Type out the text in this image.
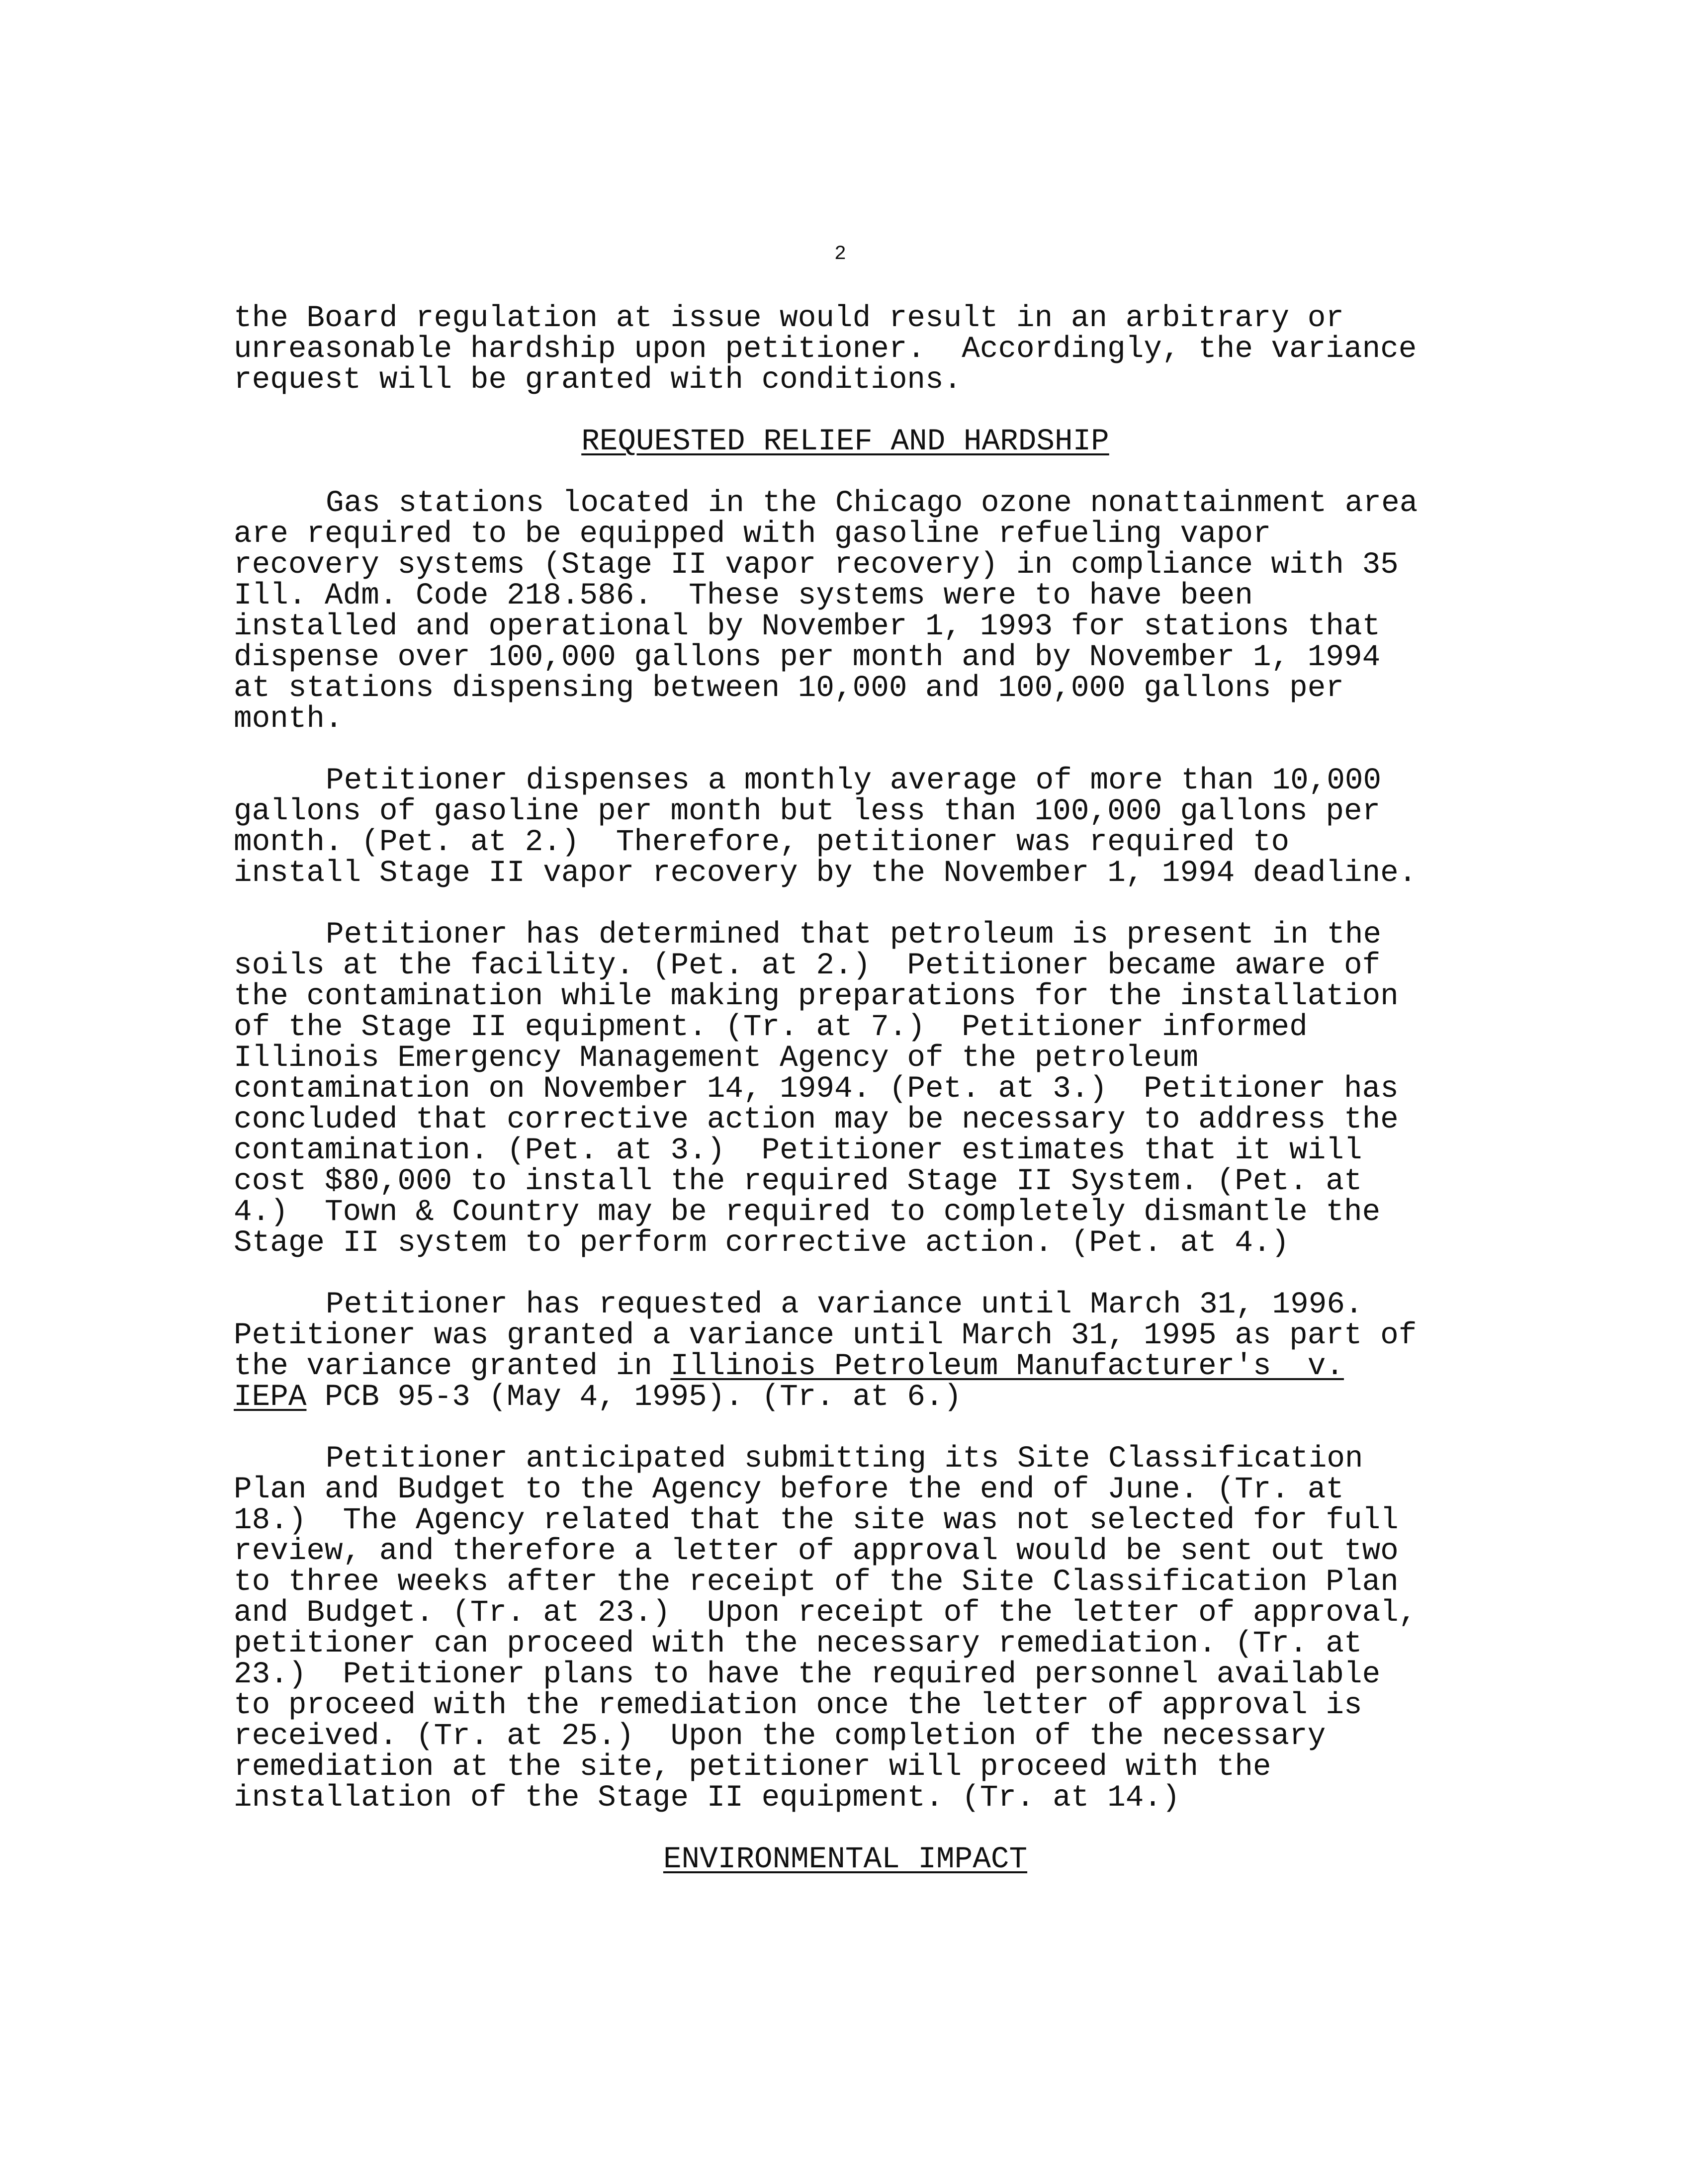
2

the Board regulation at issue would result in an arbitrary or

unreasonable hardship upon petitioner.  Accordingly, the variance

request will be granted with conditions.

REQUESTED RELIEF AND HARDSHIP

Gas stations located in the Chicago ozone nonattainment area

are required to be equipped with gasoline refueling vapor

recovery systems (Stage II vapor recovery) in compliance with 35

Ill. Adm. Code 218.586.  These systems were to have been

installed and operational by November 1, 1993 for stations that

dispense over 100,000 gallons per month and by November 1, 1994

at stations dispensing between 10,000 and 100,000 gallons per

month.

Petitioner dispenses a monthly average of more than 10,000

gallons of gasoline per month but less than 100,000 gallons per

month. (Pet. at 2.)  Therefore, petitioner was required to

install Stage II vapor recovery by the November 1, 1994 deadline.

Petitioner has determined that petroleum is present in the

soils at the facility. (Pet. at 2.)  Petitioner became aware of

the contamination while making preparations for the installation

of the Stage II equipment. (Tr. at 7.)  Petitioner informed

Illinois Emergency Management Agency of the petroleum

contamination on November 14, 1994. (Pet. at 3.)  Petitioner has

concluded that corrective action may be necessary to address the

contamination. (Pet. at 3.)  Petitioner estimates that it will

cost $80,000 to install the required Stage II System. (Pet. at

4.)  Town & Country may be required to completely dismantle the

Stage II system to perform corrective action. (Pet. at 4.)

Petitioner has requested a variance until March 31, 1996.

Petitioner was granted a variance until March 31, 1995 as part of

the variance granted in Illinois Petroleum Manufacturer's  v.

IEPA PCB 95-3 (May 4, 1995). (Tr. at 6.)

Petitioner anticipated submitting its Site Classification

Plan and Budget to the Agency before the end of June. (Tr. at

18.)  The Agency related that the site was not selected for full

review, and therefore a letter of approval would be sent out two

to three weeks after the receipt of the Site Classification Plan

and Budget. (Tr. at 23.)  Upon receipt of the letter of approval,

petitioner can proceed with the necessary remediation. (Tr. at

23.)  Petitioner plans to have the required personnel available

to proceed with the remediation once the letter of approval is

received. (Tr. at 25.)  Upon the completion of the necessary

remediation at the site, petitioner will proceed with the

installation of the Stage II equipment. (Tr. at 14.)

ENVIRONMENTAL IMPACT
